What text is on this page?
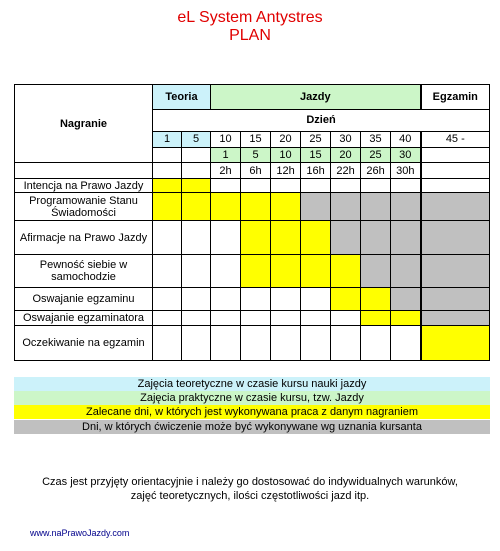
eL System Antystres
PLAN
Nagranie	Teoria		Jazdy							Egzamin
	Dzień									
	1	5	10	15	20	25	30	35	40	45 -
			1	5	10	15	20	25	30	
			2h	6h	12h	16h	22h	26h	30h	
Intencja na Prawo Jazdy										
Programowanie Stanu Świadomości										
Afirmacje na Prawo Jazdy										
Pewność siebie w samochodzie										
Oswajanie egzaminu										
Oswajanie egzaminatora										
Oczekiwanie na egzamin										
Zajęcia teoretyczne w czasie kursu nauki jazdy
Zajęcia praktyczne w czasie kursu, tzw. Jazdy
Zalecane dni, w których jest wykonywana praca z danym nagraniem
Dni, w których ćwiczenie może być wykonywane wg uznania kursanta
Czas jest przyjęty orientacyjnie i należy go dostosować do indywidualnych warunków,
zajęć teoretycznych, ilości częstotliwości jazd itp.
www.naPrawoJazdy.com
